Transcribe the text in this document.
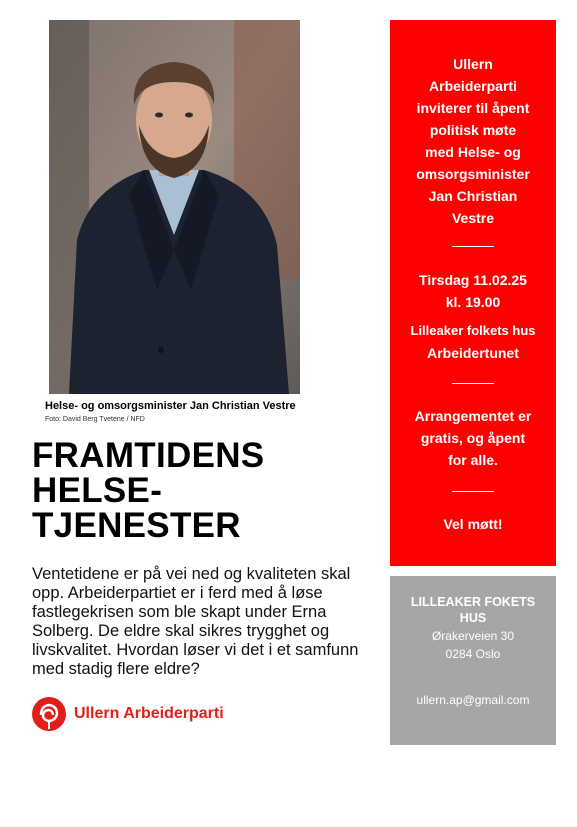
Helse- og omsorgsminister Jan Christian Vestre
Foto: David Berg Tvetene / NFD
FRAMTIDENS
HELSE-
TJENESTER
Ventetidene er på vei ned og kvaliteten skal opp. Arbeiderpartiet er i ferd med å løse fastlegekrisen som ble skapt under Erna Solberg. De eldre skal sikres trygghet og livskvalitet. Hvordan løser vi det i et samfunn med stadig flere eldre?
Ullern Arbeiderparti
Ullern
Arbeiderparti
inviterer til åpent
politisk møte
med Helse- og
omsorgsminister
Jan Christian
Vestre
Tirsdag 11.02.25
kl. 19.00
Lilleaker folkets hus
Arbeidertunet
Arrangementet er
gratis, og åpent
for alle.
Vel møtt!
LILLEAKER FOKETS
HUS
Ørakerveien 30
0284 Oslo
ullern.ap@gmail.com
